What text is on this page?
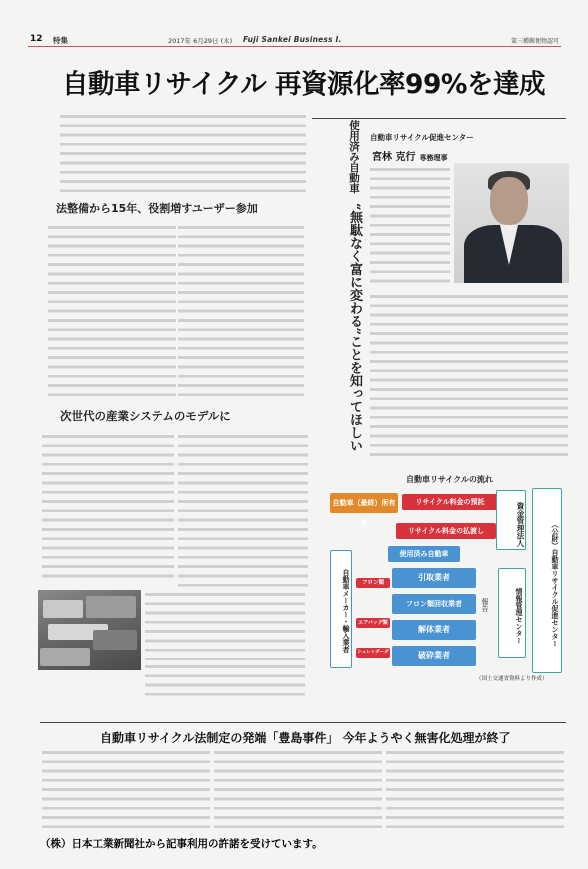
12 特集	2017年 6月29日 (木) Fuji Sankei Business I.	第三種郵便物認可
自動車リサイクル 再資源化率99%を達成
法整備から15年、役割増すユーザー参加
次世代の産業システムのモデルに
使用済み自動車 “無駄なく富に変わる”ことを知ってほしい
自動車リサイクル促進センター
宮林 克行 専務理事
自動車リサイクルの流れ
自動車（最終）所有者
リサイクル料金の預託
リサイクル料金の払渡し	資金管理法人	（公財）自動車リサイクル促進センター
情報管理センター
使用済み自動車
自動車メーカー・輸入業者	引取業者
フロン類回収業者
解体業者
破砕業者
フロン類
エアバッグ類
シュレッダーダスト
報告
（国土交通省資料より作成）
自動車リサイクル法制定の発端「豊島事件」 今年ようやく無害化処理が終了
（株）日本工業新聞社から記事利用の許諾を受けています。
